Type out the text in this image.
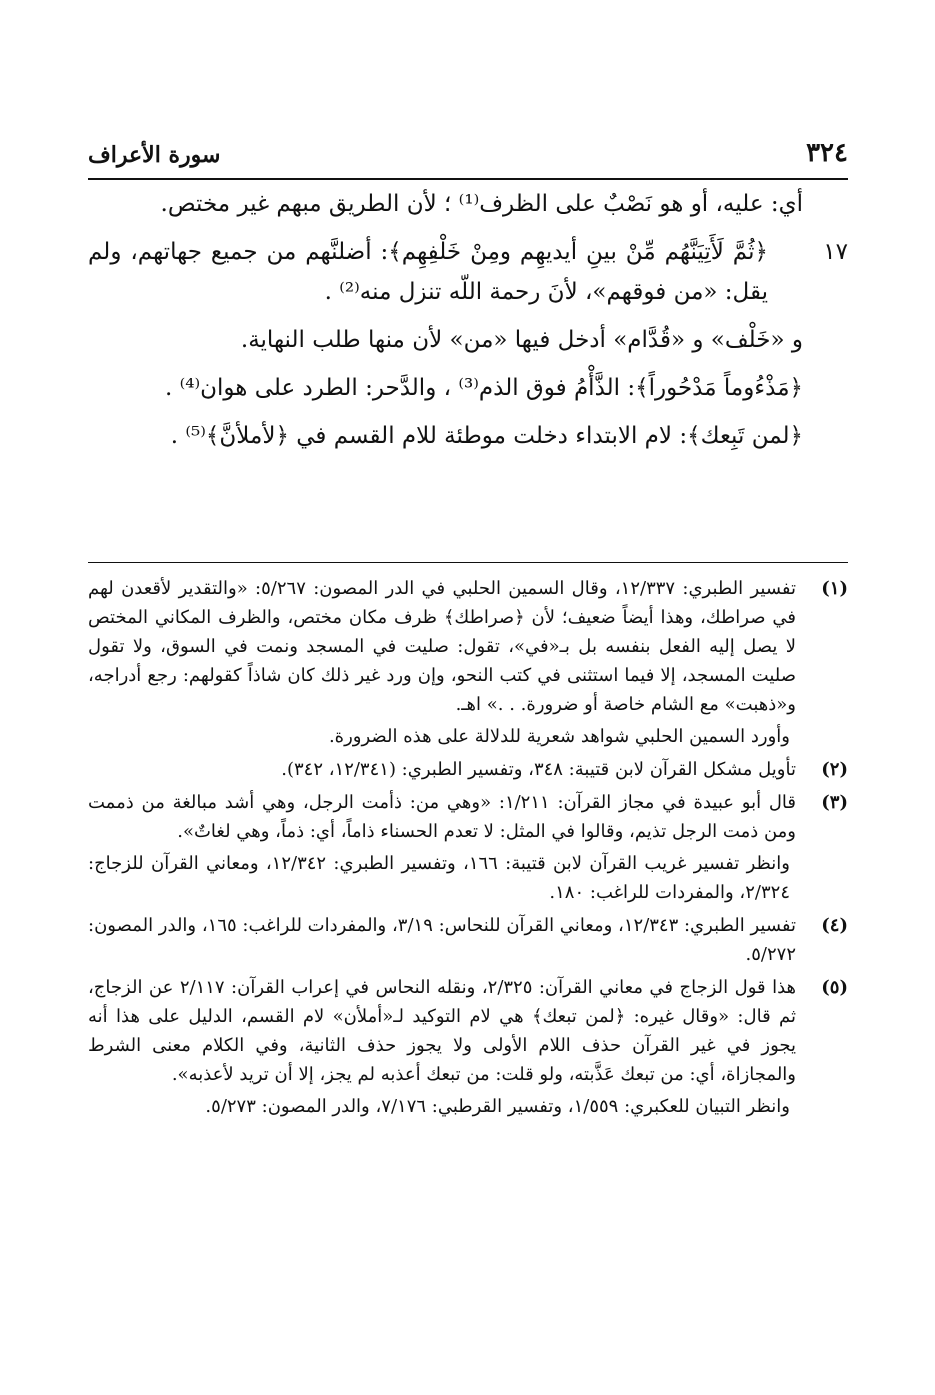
٣٢٤
سورة الأعراف

أي: عليه، أو هو نَصْبٌ على الظرف⁽¹⁾ ؛ لأن الطريق مبهم غير مختص.

١٧

﴿ثُمَّ لَأَتِيَنَّهُم مِّنْ بينِ أيديهِم ومِنْ خَلْفِهِم﴾: أضلنَّهم من جميع جهاتهم، ولم يقل: «من فوقهم»، لأنَ رحمة اللّه تنزل منه⁽²⁾ .

و «خَلْف» و «قُدَّام» أدخل فيها «من» لأن منها طلب النهاية.

﴿مَذْءُوماً مَدْحُوراً﴾: الذَّأْمُ فوق الذم⁽³⁾ ، والدَّحر: الطرد على هوان⁽⁴⁾ .

﴿لمن تَبِعك﴾: لام الابتداء دخلت موطئة للام القسم في ﴿لأملأنَّ﴾⁽⁵⁾ .

(١)

تفسير الطبري: ١٢/٣٣٧، وقال السمين الحلبي في الدر المصون: ٥/٢٦٧: «والتقدير لأقعدن لهم في صراطك، وهذا أيضاً ضعيف؛ لأن ﴿صراطك﴾ ظرف مكان مختص، والظرف المكاني المختص لا يصل إليه الفعل بنفسه بل بـ«في»، تقول: صليت في المسجد ونمت في السوق، ولا تقول صليت المسجد، إلا فيما استثنى في كتب النحو، وإن ورد غير ذلك كان شاذاً كقولهم: رجع أدراجه، و«ذهبت» مع الشام خاصة أو ضرورة. . .» اهـ.

وأورد السمين الحلبي شواهد شعرية للدلالة على هذه الضرورة.

(٢)

تأويل مشكل القرآن لابن قتيبة: ٣٤٨، وتفسير الطبري: (١٢/٣٤١، ٣٤٢).

(٣)

قال أبو عبيدة في مجاز القرآن: ١/٢١١: «وهي من: ذأمت الرجل، وهي أشد مبالغة من ذممت ومن ذمت الرجل تذيم، وقالوا في المثل: لا تعدم الحسناء ذاماً، أي: ذماً، وهي لغاتٌ».

وانظر تفسير غريب القرآن لابن قتيبة: ١٦٦، وتفسير الطبري: ١٢/٣٤٢، ومعاني القرآن للزجاج: ٢/٣٢٤، والمفردات للراغب: ١٨٠.

(٤)

تفسير الطبري: ١٢/٣٤٣، ومعاني القرآن للنحاس: ٣/١٩، والمفردات للراغب: ١٦٥، والدر المصون: ٥/٢٧٢.

(٥)

هذا قول الزجاج في معاني القرآن: ٢/٣٢٥، ونقله النحاس في إعراب القرآن: ٢/١١٧ عن الزجاج، ثم قال: «وقال غيره: ﴿لمن تبعك﴾ هي لام التوكيد لـ«أملأن» لام القسم، الدليل على هذا أنه يجوز في غير القرآن حذف اللام الأولى ولا يجوز حذف الثانية، وفي الكلام معنى الشرط والمجازاة، أي: من تبعك عَذَّبته، ولو قلت: من تبعك أعذبه لم يجز، إلا أن تريد لأعذبه».

وانظر التبيان للعكبري: ١/٥٥٩، وتفسير القرطبي: ٧/١٧٦، والدر المصون: ٥/٢٧٣.
